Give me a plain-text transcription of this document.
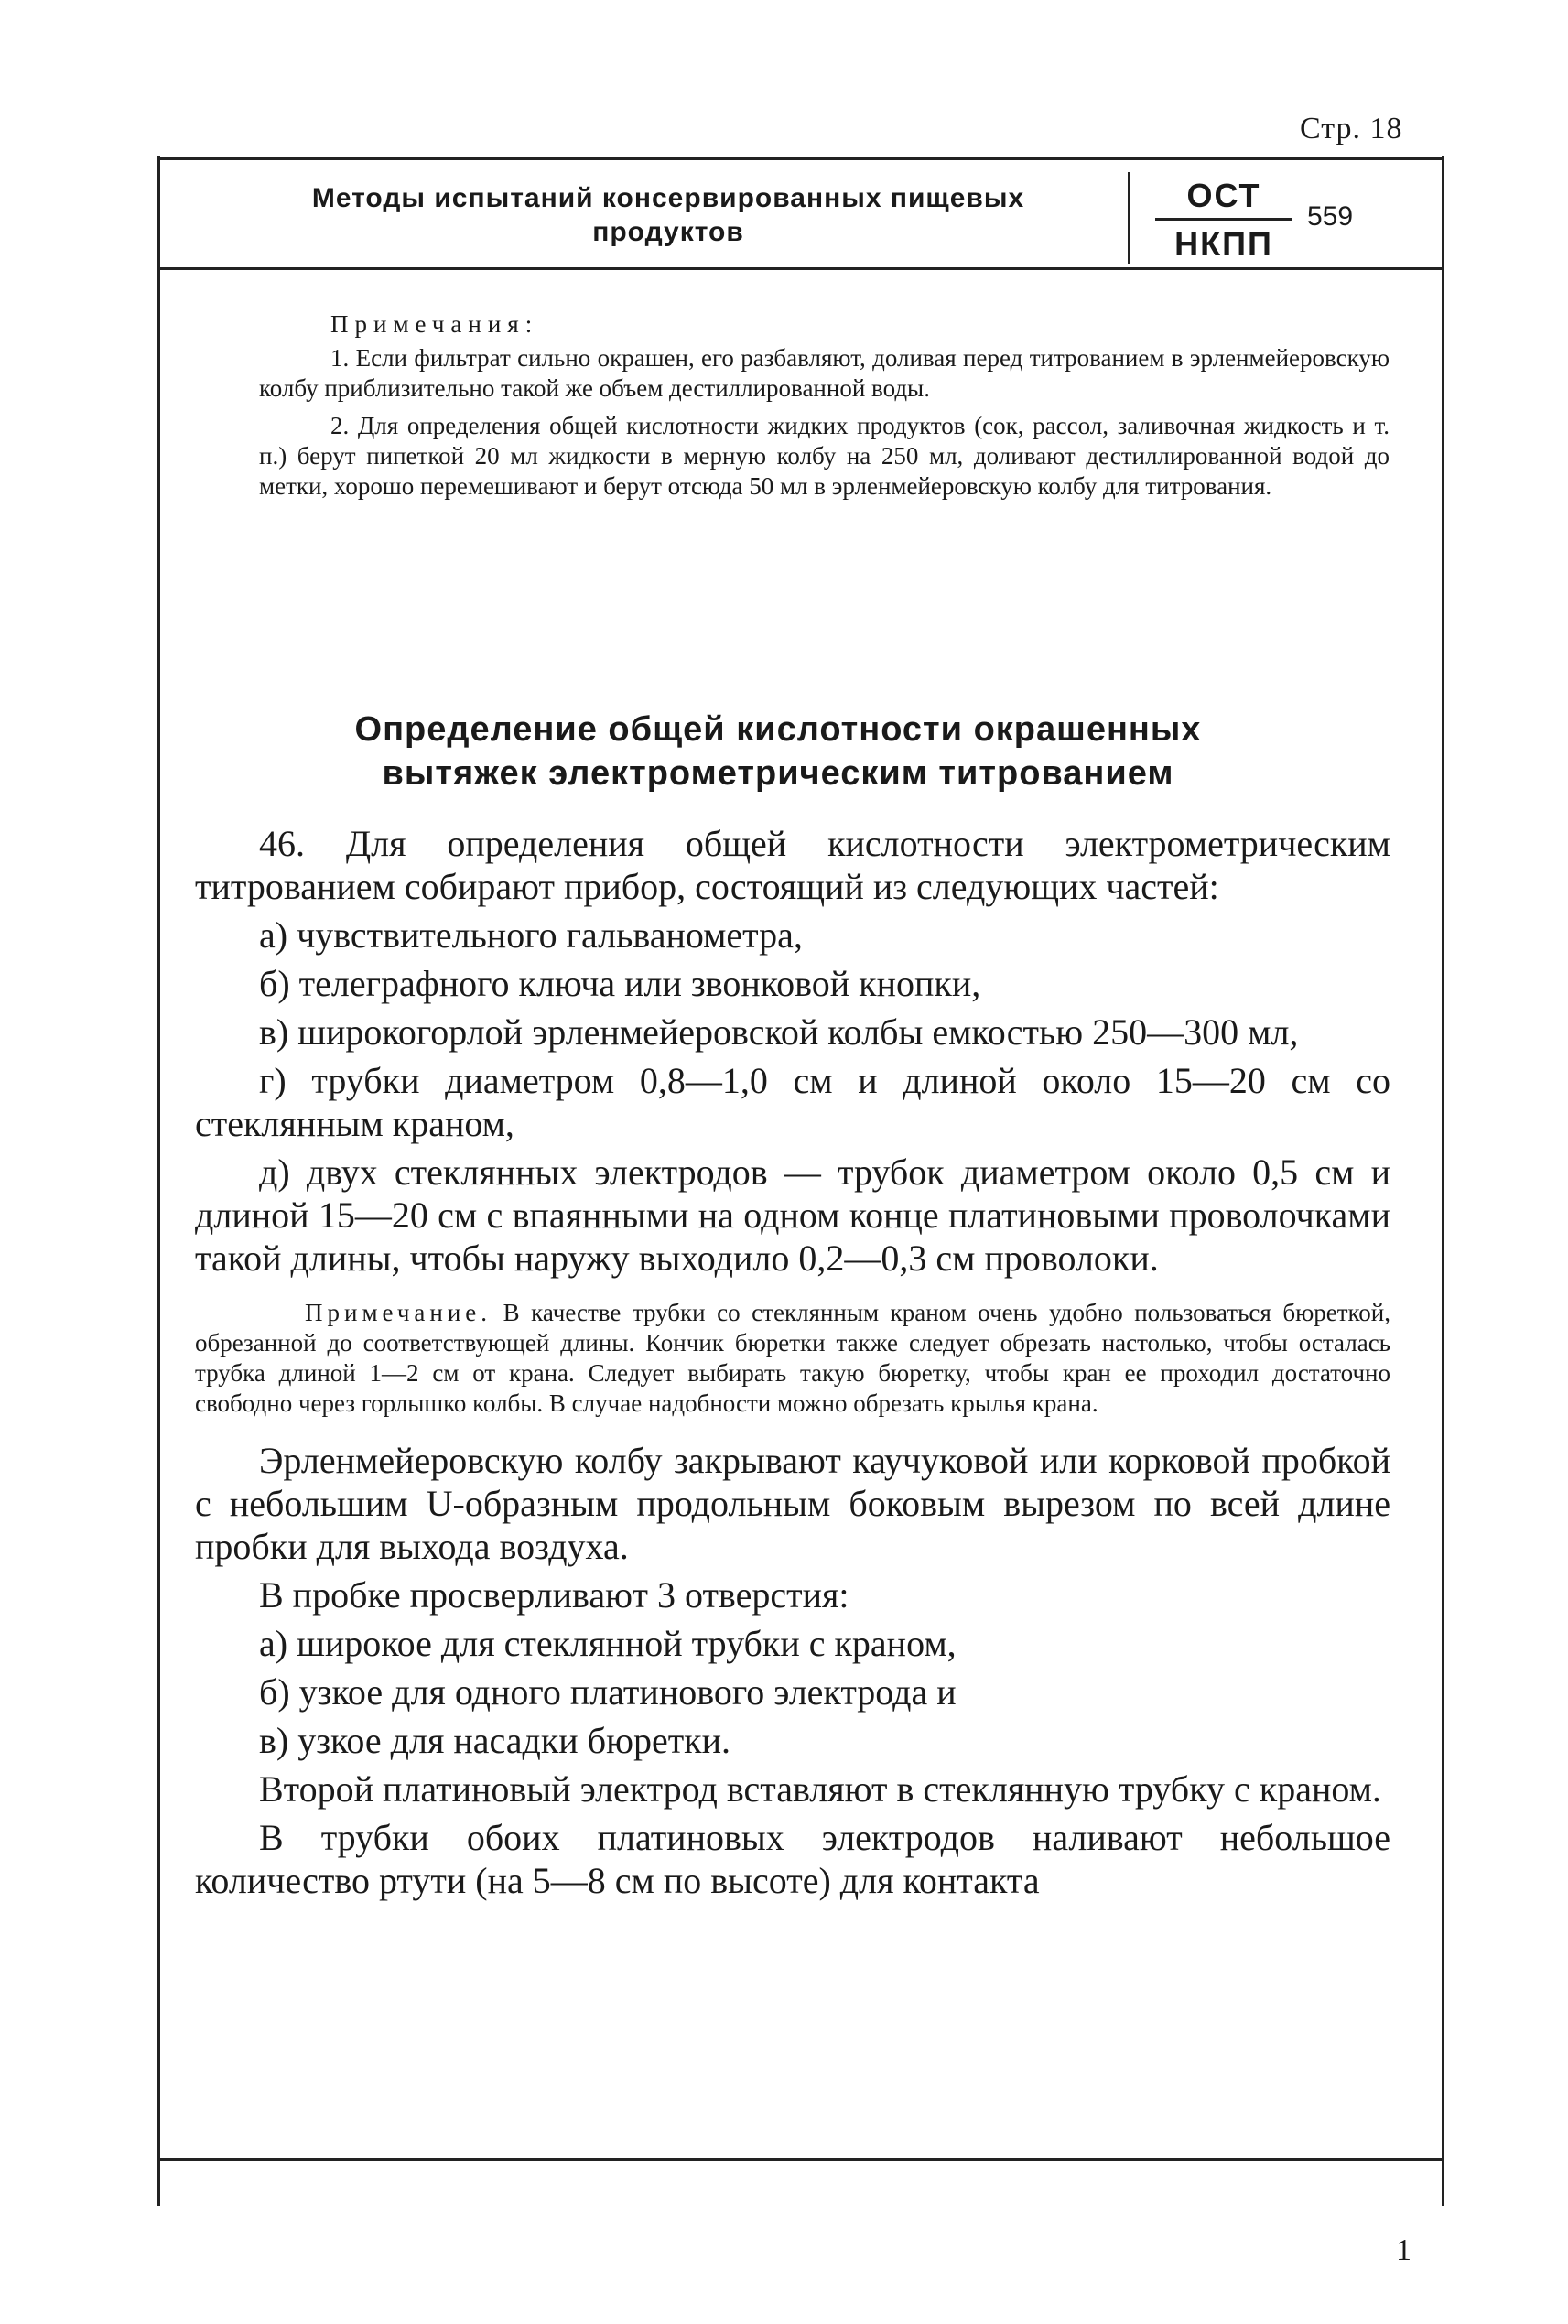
Стр. 18
Методы испытаний консервированных пищевых продуктов
ОСТ
НКПП
559
Примечания:

1. Если фильтрат сильно окрашен, его разбавляют, доливая перед титрованием в эрленмейеровскую колбу приблизительно такой же объем дестиллированной воды.

2. Для определения общей кислотности жидких продуктов (сок, рассол, заливочная жидкость и т. п.) берут пипеткой 20 мл жидкости в мерную колбу на 250 мл, доливают дестиллированной водой до метки, хорошо перемешивают и берут отсюда 50 мл в эрленмейеровскую колбу для титрования.

Определение общей кислотности окрашенных
вытяжек электрометрическим титрованием

46. Для определения общей кислотности электрометрическим титрованием собирают прибор, состоящий из следующих частей:

а) чувствительного гальванометра,

б) телеграфного ключа или звонковой кнопки,

в) широкогорлой эрленмейеровской колбы емкостью 250—300 мл,

г) трубки диаметром 0,8—1,0 см и длиной около 15—20 см со стеклянным краном,

д) двух стеклянных электродов — трубок диаметром около 0,5 см и длиной 15—20 см с впаянными на одном конце платиновыми проволочками такой длины, чтобы наружу выходило 0,2—0,3 см проволоки.

Примечание. В качестве трубки со стеклянным краном очень удобно пользоваться бюреткой, обрезанной до соответствующей длины. Кончик бюретки также следует обрезать настолько, чтобы осталась трубка длиной 1—2 см от крана. Следует выбирать такую бюретку, чтобы кран ее проходил достаточно свободно через горлышко колбы. В случае надобности можно обрезать крылья крана.

Эрленмейеровскую колбу закрывают каучуковой или корковой пробкой с небольшим U-образным продольным боковым вырезом по всей длине пробки для выхода воздуха.

В пробке просверливают 3 отверстия:

а) широкое для стеклянной трубки с краном,

б) узкое для одного платинового электрода и

в) узкое для насадки бюретки.

Второй платиновый электрод вставляют в стеклянную трубку с краном.

В трубки обоих платиновых электродов наливают небольшое количество ртути (на 5—8 см по высоте) для контакта

1
